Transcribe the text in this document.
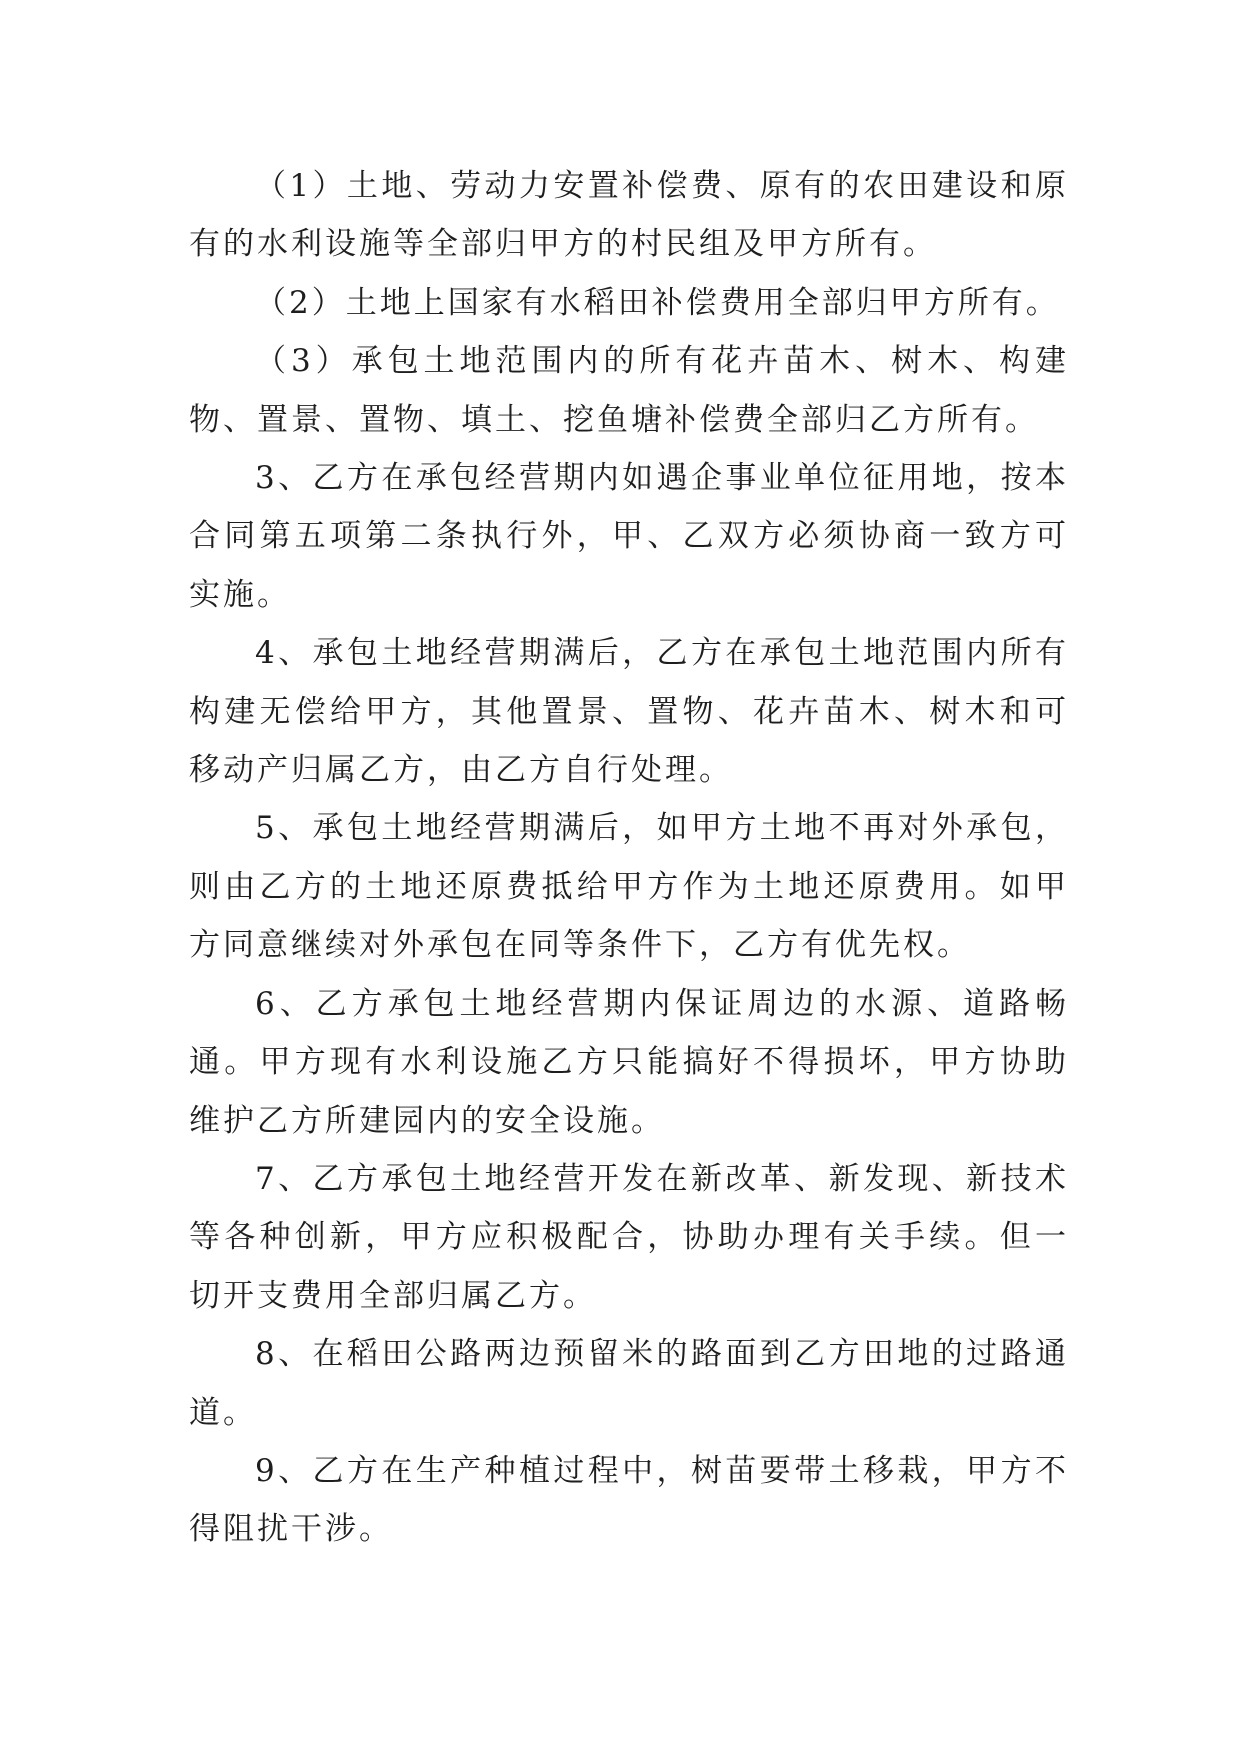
（1）土地、劳动力安置补偿费、原有的农田建设和原有的水利设施等全部归甲方的村民组及甲方所有。

（2）土地上国家有水稻田补偿费用全部归甲方所有。

（3）承包土地范围内的所有花卉苗木、树木、构建物、置景、置物、填土、挖鱼塘补偿费全部归乙方所有。

3、乙方在承包经营期内如遇企事业单位征用地，按本合同第五项第二条执行外，甲、乙双方必须协商一致方可实施。

4、承包土地经营期满后，乙方在承包土地范围内所有构建无偿给甲方，其他置景、置物、花卉苗木、树木和可移动产归属乙方，由乙方自行处理。

5、承包土地经营期满后，如甲方土地不再对外承包，则由乙方的土地还原费抵给甲方作为土地还原费用。如甲方同意继续对外承包在同等条件下，乙方有优先权。

6、乙方承包土地经营期内保证周边的水源、道路畅通。甲方现有水利设施乙方只能搞好不得损坏，甲方协助维护乙方所建园内的安全设施。

7、乙方承包土地经营开发在新改革、新发现、新技术等各种创新，甲方应积极配合，协助办理有关手续。但一切开支费用全部归属乙方。

8、在稻田公路两边预留米的路面到乙方田地的过路通道。

9、乙方在生产种植过程中，树苗要带土移栽，甲方不得阻扰干涉。
